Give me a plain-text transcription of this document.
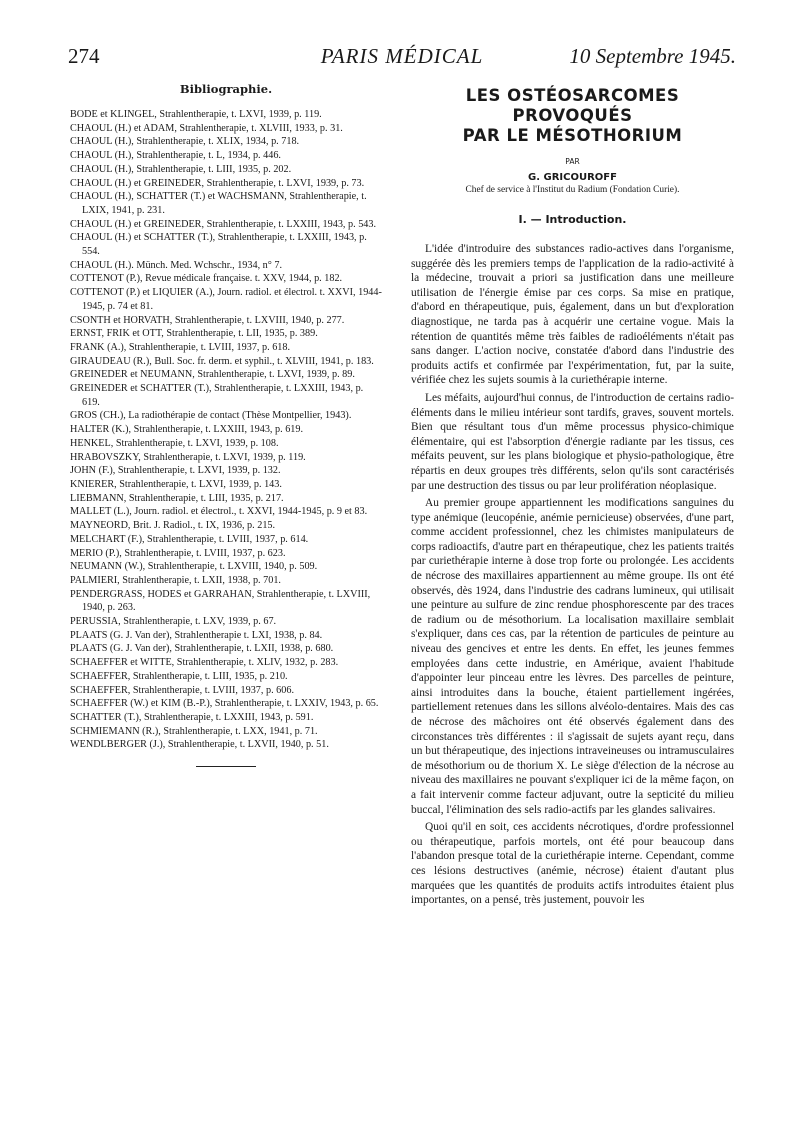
274	PARIS MÉDICAL	10 Septembre 1945.
Bibliographie.
BODE et KLINGEL, Strahlentherapie, t. LXVI, 1939, p. 119.
CHAOUL (H.) et ADAM, Strahlentherapie, t. XLVIII, 1933, p. 31.
CHAOUL (H.), Strahlentherapie, t. XLIX, 1934, p. 718.
CHAOUL (H.), Strahlentherapie, t. L, 1934, p. 446.
CHAOUL (H.), Strahlentherapie, t. LIII, 1935, p. 202.
CHAOUL (H.) et GREINEDER, Strahlentherapie, t. LXVI, 1939, p. 73.
CHAOUL (H.), SCHATTER (T.) et WACHSMANN, Strahlentherapie, t. LXIX, 1941, p. 231.
CHAOUL (H.) et GREINEDER, Strahlentherapie, t. LXXIII, 1943, p. 543.
CHAOUL (H.) et SCHATTER (T.), Strahlentherapie, t. LXXIII, 1943, p. 554.
CHAOUL (H.). Münch. Med. Wchschr., 1934, n° 7.
COTTENOT (P.), Revue médicale française. t. XXV, 1944, p. 182.
COTTENOT (P.) et LIQUIER (A.), Journ. radiol. et électrol. t. XXVI, 1944-1945, p. 74 et 81.
CSONTH et HORVATH, Strahlentherapie, t. LXVIII, 1940, p. 277.
ERNST, FRIK et OTT, Strahlentherapie, t. LII, 1935, p. 389.
FRANK (A.), Strahlentherapie, t. LVIII, 1937, p. 618.
GIRAUDEAU (R.), Bull. Soc. fr. derm. et syphil., t. XLVIII, 1941, p. 183.
GREINEDER et NEUMANN, Strahlentherapie, t. LXVI, 1939, p. 89.
GREINEDER et SCHATTER (T.), Strahlentherapie, t. LXXIII, 1943, p. 619.
GROS (CH.), La radiothérapie de contact (Thèse Montpellier, 1943).
HALTER (K.), Strahlentherapie, t. LXXIII, 1943, p. 619.
HENKEL, Strahlentherapie, t. LXVI, 1939, p. 108.
HRABOVSZKY, Strahlentherapie, t. LXVI, 1939, p. 119.
JOHN (F.), Strahlentherapie, t. LXVI, 1939, p. 132.
KNIERER, Strahlentherapie, t. LXVI, 1939, p. 143.
LIEBMANN, Strahlentherapie, t. LIII, 1935, p. 217.
MALLET (L.), Journ. radiol. et électrol., t. XXVI, 1944-1945, p. 9 et 83.
MAYNEORD, Brit. J. Radiol., t. IX, 1936, p. 215.
MELCHART (F.), Strahlentherapie, t. LVIII, 1937, p. 614.
MERIO (P.), Strahlentherapie, t. LVIII, 1937, p. 623.
NEUMANN (W.), Strahlentherapie, t. LXVIII, 1940, p. 509.
PALMIERI, Strahlentherapie, t. LXII, 1938, p. 701.
PENDERGRASS, HODES et GARRAHAN, Strahlentherapie, t. LXVIII, 1940, p. 263.
PERUSSIA, Strahlentherapie, t. LXV, 1939, p. 67.
PLAATS (G. J. Van der), Strahlentherapie t. LXI, 1938, p. 84.
PLAATS (G. J. Van der), Strahlentherapie, t. LXII, 1938, p. 680.
SCHAEFFER et WITTE, Strahlentherapie, t. XLIV, 1932, p. 283.
SCHAEFFER, Strahlentherapie, t. LIII, 1935, p. 210.
SCHAEFFER, Strahlentherapie, t. LVIII, 1937, p. 606.
SCHAEFFER (W.) et KIM (B.-P.), Strahlentherapie, t. LXXIV, 1943, p. 65.
SCHATTER (T.), Strahlentherapie, t. LXXIII, 1943, p. 591.
SCHMIEMANN (R.), Strahlentherapie, t. LXX, 1941, p. 71.
WENDLBERGER (J.), Strahlentherapie, t. LXVII, 1940, p. 51.
LES OSTÉOSARCOMES
PROVOQUÉS
PAR LE MÉSOTHORIUM
PAR
G. GRICOUROFF
Chef de service à l'Institut du Radium (Fondation Curie).
I. — Introduction.

L'idée d'introduire des substances radio-actives dans l'organisme, suggérée dès les premiers temps de l'application de la radio-activité à la médecine, trouvait a priori sa justification dans une meilleure utilisation de l'énergie émise par ces corps. Sa mise en pratique, d'abord en thérapeutique, puis, également, dans un but d'exploration diagnostique, ne tarda pas à acquérir une certaine vogue. Mais la rétention de quantités même très faibles de radioéléments n'était pas sans danger. L'action nocive, constatée d'abord dans l'industrie des produits actifs et confirmée par l'expérimentation, fut, par la suite, vérifiée chez les sujets soumis à la curiethérapie interne.

Les méfaits, aujourd'hui connus, de l'introduction de certains radio-éléments dans le milieu intérieur sont tardifs, graves, souvent mortels. Bien que résultant tous d'un même processus physico-chimique élémentaire, qui est l'absorption d'énergie radiante par les tissus, ces méfaits peuvent, sur les plans biologique et physio-pathologique, être répartis en deux groupes très différents, selon qu'ils sont caractérisés par une destruction des tissus ou par leur prolifération néoplasique.

Au premier groupe appartiennent les modifications sanguines du type anémique (leucopénie, anémie pernicieuse) observées, d'une part, comme accident professionnel, chez les chimistes manipulateurs de corps radioactifs, d'autre part en thérapeutique, chez les patients traités par curiethérapie interne à dose trop forte ou prolongée. Les accidents de nécrose des maxillaires appartiennent au même groupe. Ils ont été observés, dès 1924, dans l'industrie des cadrans lumineux, qui utilisait une peinture au sulfure de zinc rendue phosphorescente par des traces de radium ou de mésothorium. La localisation maxillaire semblait s'expliquer, dans ces cas, par la rétention de particules de peinture au niveau des gencives et entre les dents. En effet, les jeunes femmes employées dans cette industrie, en Amérique, avaient l'habitude d'appointer leur pinceau entre les lèvres. Des parcelles de peinture, ainsi introduites dans la bouche, étaient partiellement ingérées, partiellement retenues dans les sillons alvéolo-dentaires. Mais des cas de nécrose des mâchoires ont été observés également dans des circonstances très différentes : il s'agissait de sujets ayant reçu, dans un but thérapeutique, des injections intraveineuses ou intramusculaires de mésothorium ou de thorium X. Le siège d'élection de la nécrose au niveau des maxillaires ne pouvant s'expliquer ici de la même façon, on a fait intervenir comme facteur adjuvant, outre la septicité du milieu buccal, l'élimination des sels radio-actifs par les glandes salivaires.

Quoi qu'il en soit, ces accidents nécrotiques, d'ordre professionnel ou thérapeutique, parfois mortels, ont été pour beaucoup dans l'abandon presque total de la curiethérapie interne. Cependant, comme ces lésions destructives (anémie, nécrose) étaient d'autant plus marquées que les quantités de produits actifs introduites étaient plus importantes, on a pensé, très justement, pouvoir les
